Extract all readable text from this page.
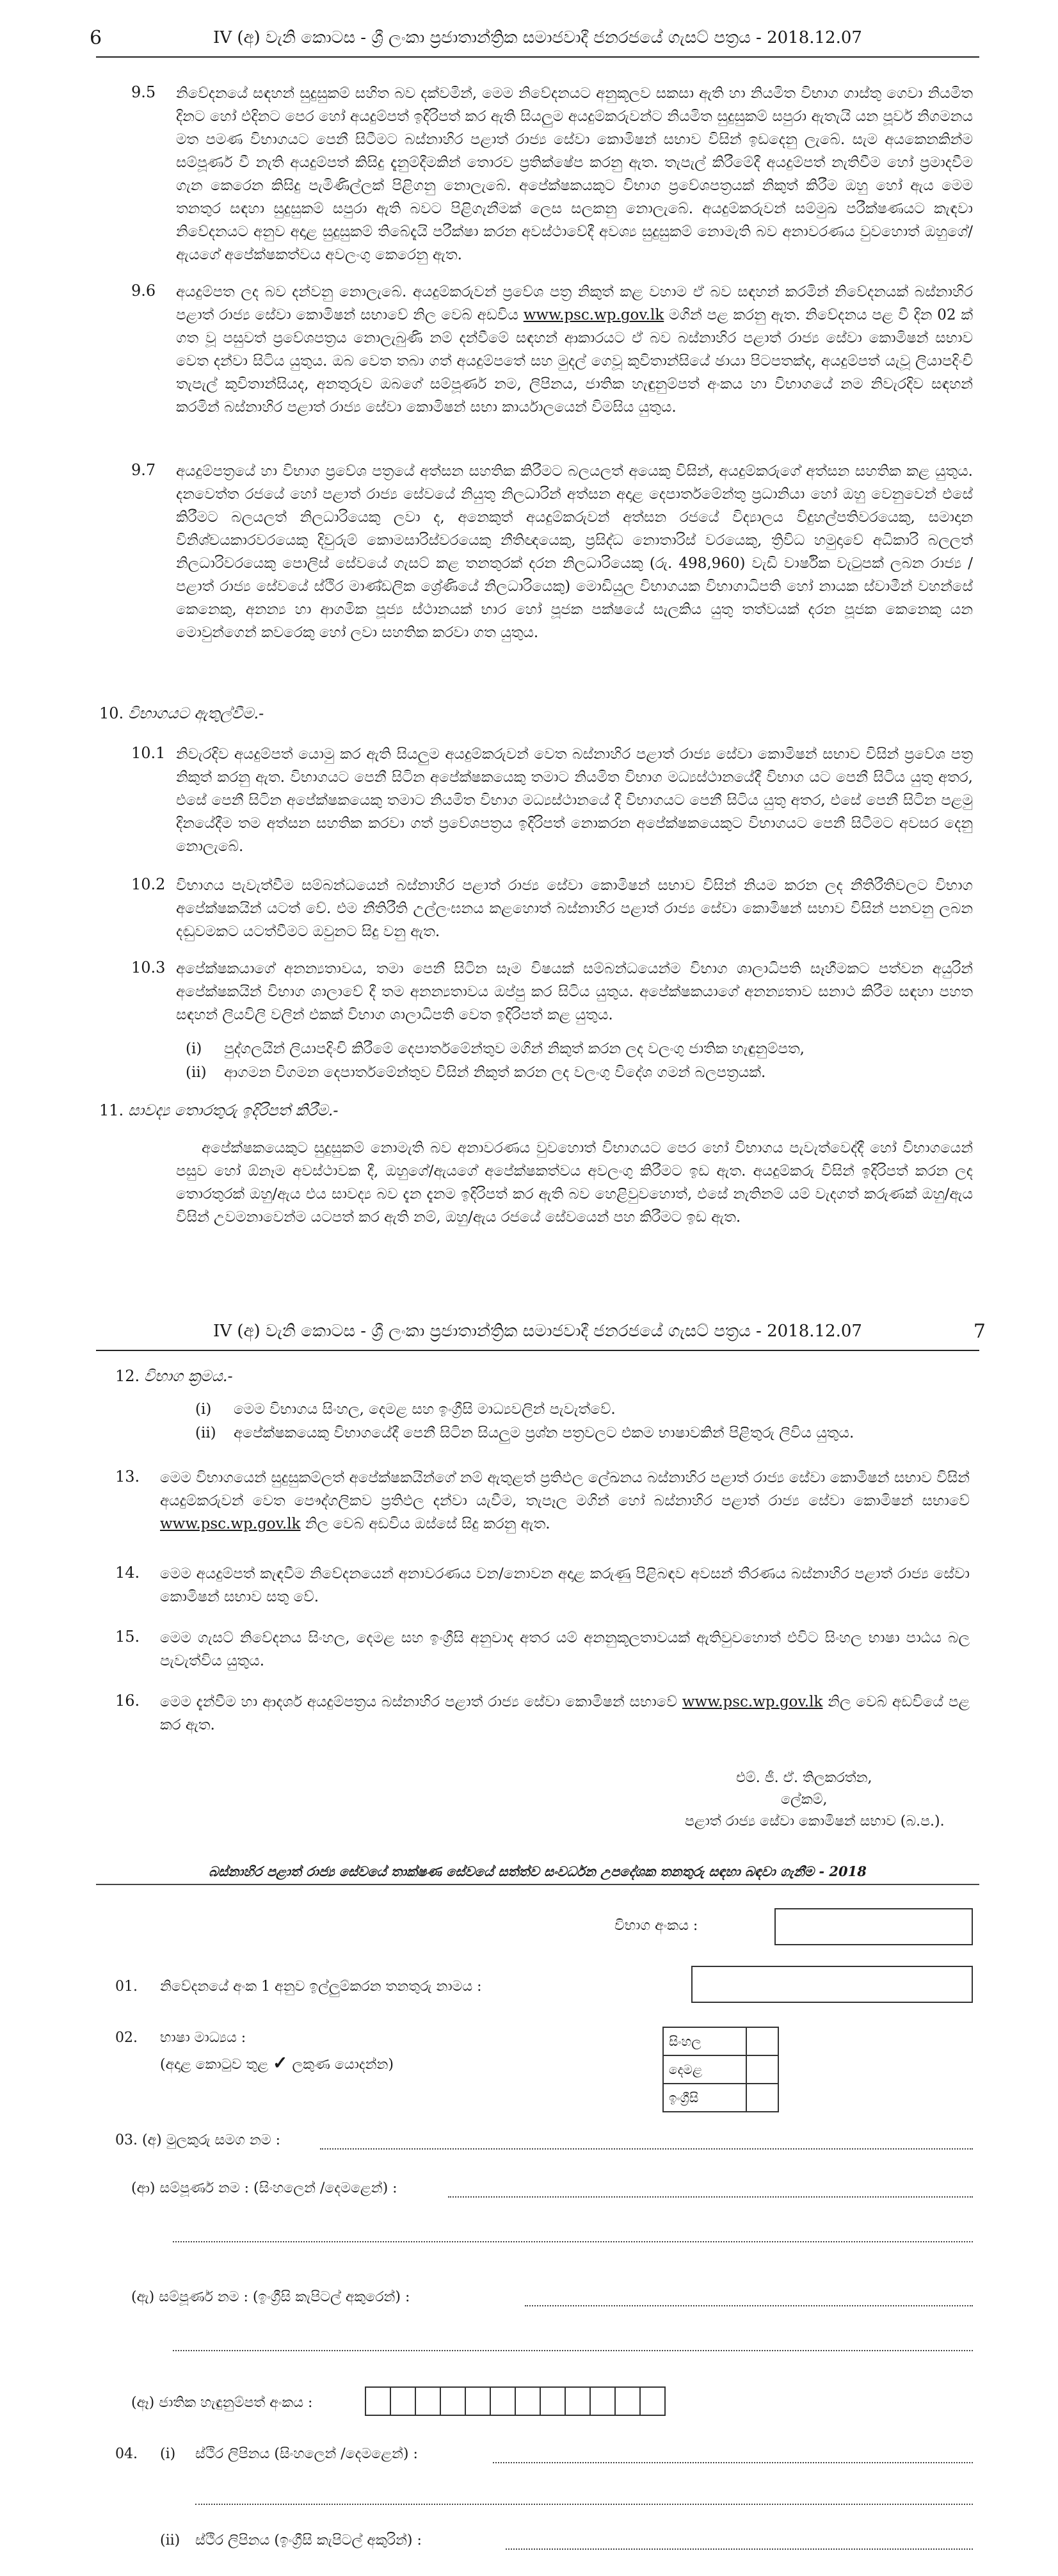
6	IV (අ) වැනි කොටස - ශ්‍රී ලංකා ප්‍රජාතාන්ත්‍රික සමාජවාදී ජනරජයේ ගැසට් පත්‍රය - 2018.12.07
9.5 නිවේදනයේ සඳහන් සුදුසුකම් සහිත බව දක්වමින්, මෙම නිවේදනයට අනුකූලව සකසා ඇති හා නියමිත විභාග ගාස්තු ගෙවා නියමිත දිනට හෝ එදිනට පෙර හෝ අයදුම්පත් ඉදිරිපත් කර ඇති සියලුම අයදුම්කරුවන්ට නියමිත සුදුසුකම් සපුරා ඇතැයි යන පූර්ව නිගමනය මත පමණ විභාගයට පෙනී සිටීමට බස්නාහිර පළාත් රාජ්‍ය සේවා කොමිෂන් සභාව විසින් ඉඩදෙනු ලැබේ. සැම අයකෙනකින්ම සම්පූර්ණ වී නැති අයදුම්පත් කිසිදු දැනුම්දීමකින් තොරව ප්‍රතික්ෂේප කරනු ඇත. තැපැල් කිරීමේදී අයදුම්පත් නැතිවීම හෝ ප්‍රමාදවීම ගැන කෙරෙන කිසිදු පැමිණිල්ලක් පිළිගනු නොලැබේ. අපේක්ෂකයකුට විභාග ප්‍රවේශපත්‍රයක් නිකුත් කිරීම ඔහු හෝ ඇය මෙම තනතුර සඳහා සුදුසුකම් සපුරා ඇති බවට පිළිගැනීමක් ලෙස සලකනු නොලැබේ. අයදුම්කරුවන් සම්මුඛ පරීක්ෂණයට කැඳවා නිවේදනයට අනුව අදාළ සුදුසුකම් තිබේදැයි පරීක්ෂා කරන අවස්ථාවේදී අවශ්‍ය සුදුසුකම් නොමැති බව අනාවරණය වුවහොත් ඔහුගේ/ඇයගේ අපේක්ෂකත්වය අවලංගු කෙරෙනු ඇත.

9.6 අයදුම්පත ලද බව දන්වනු නොලැබේ. අයදුම්කරුවන් ප්‍රවේශ පත්‍ර නිකුත් කළ වහාම ඒ බව සඳහන් කරමින් නිවේදනයක් බස්නාහිර පළාත් රාජ්‍ය සේවා කොමිෂන් සභාවේ නිල වෙබ් අඩවිය www.psc.wp.gov.lk මගින් පළ කරනු ඇත. නිවේදනය පළ වී දින 02 ක් ගත වූ පසුවත් ප්‍රවේශපත්‍රය නොලැබුණි නම් දන්වීමේ සඳහන් ආකාරයට ඒ බව බස්නාහිර පළාත් රාජ්‍ය සේවා කොමිෂන් සභාව වෙත දන්වා සිටිය යුතුය. ඔබ වෙත තබා ගත් අයදුම්පතේ සහ මුදල් ගෙවූ කුවිතාන්සියේ ඡායා පිටපතක්ද, අයදුම්පත් යැවූ ලියාපදිංචි තැපැල් කුවිතාන්සියද, අනතුරුව ඔබගේ සම්පූර්ණ නම, ලිපිනය, ජාතික හැඳුනුම්පත් අංකය හා විභාගයේ නම නිවැරදිව සඳහන් කරමින් බස්නාහිර පළාත් රාජ්‍ය සේවා කොමිෂන් සභා කාර්යාලයෙන් විමසිය යුතුය.

9.7 අයදුම්පත්‍රයේ හා විභාග ප්‍රවේශ පත්‍රයේ අත්සන සහතික කිරීමට බලයලත් අයෙකු විසින්, අයදුම්කරුගේ අත්සන සහතික කළ යුතුය. දනවෙත්ත රජයේ හෝ පළාත් රාජ්‍ය සේවයේ නියුතු නිලධාරින් අත්සන අදාළ දෙපාර්තමේන්තු ප්‍රධානියා හෝ ඔහු වෙනුවෙන් එසේ කිරීමට බලයලත් නිලධාරියෙකු ලවා ද, අනෙකුත් අයදුම්කරුවන් අත්සන රජයේ විද්‍යාලය විදුහල්පතිවරයෙකු, සමාදාන විනිශ්චයකාරවරයෙකු දිවුරුම් කොමසාරිස්වරයෙකු නීතිඥයෙකු, ප්‍රසිද්ධ නොතාරිස් වරයෙකු, ත්‍රිවිධ හමුදාවේ අධිකාරි බලලත් නිලධාරිවරයෙකු පොලිස් සේවයේ ගැසට් කළ තනතුරක් දරන නිලධාරියෙකු (රු. 498,960) වැඩි වාර්ෂික වැටුපක් ලබන රාජ්‍ය /පළාත් රාජ්‍ය සේවයේ ස්ථිර මාණ්ඩලික ශ්‍රේණියේ නිලධාරියෙකු) මොඩියුල විභාගයක විභාගාධිපති හෝ නායක ස්වාමීන් වහන්සේ කෙනෙකු, අනන්‍ය හා ආගමික පූජ්‍ය ස්ථානයක් භාර හෝ පූජක පක්ෂයේ සැලකිය යුතු තත්වයක් දරන පූජක කෙනෙකු යන මොවුන්ගෙන් කවරෙකු හෝ ලවා සහතික කරවා ගත යුතුය.

10. විභාගයට ඇතුල්වීම.-
10.1 නිවැරදිව අයදුම්පත් යොමු කර ඇති සියලුම අයදුම්කරුවන් වෙත බස්නාහිර පළාත් රාජ්‍ය සේවා කොමිෂන් සභාව විසින් ප්‍රවේශ පත්‍ර නිකුත් කරනු ඇත. විභාගයට පෙනී සිටින අපේක්ෂකයෙකු තමාට නියමිත විභාග මධ්‍යස්ථානයේදී විභාග යට පෙනී සිටිය යුතු අතර, එසේ පෙනී සිටින අපේක්ෂකයෙකු තමාට නියමිත විභාග මධ්‍යස්ථානයේ දී විභාගයට පෙනී සිටිය යුතු අතර, එසේ පෙනී සිටින පළමු දිනයේදීම තම අත්සන සහතික කරවා ගත් ප්‍රවේශපත්‍රය ඉදිරිපත් නොකරන අපේක්ෂකයෙකුට විභාගයට පෙනී සිටීමට අවසර දෙනු නොලැබේ.

10.2 විභාගය පැවැත්වීම සම්බන්ධයෙන් බස්නාහිර පළාත් රාජ්‍ය සේවා කොමිෂන් සභාව විසින් නියම කරන ලද නීතිරීතිවලට විභාග අපේක්ෂකයින් යටත් වේ. එම නීතිරීති උල්ලංඝනය කළහොත් බස්නාහිර පළාත් රාජ්‍ය සේවා කොමිෂන් සභාව විසින් පනවනු ලබන දඬුවමකට යටත්වීමට ඔවුනට සිදු වනු ඇත.

10.3 අපේක්ෂකයාගේ අනන්‍යතාවය, තමා පෙනී සිටින සෑම විෂයක් සම්බන්ධයෙන්ම විභාග ශාලාධිපති සෑහීමකට පත්වන අයුරින් අපේක්ෂකයින් විභාග ශාලාවේ දී තම අනන්‍යතාවය ඔප්පු කර සිටිය යුතුය. අපේක්ෂකයාගේ අනන්‍යතාව සනාථ කිරීම සඳහා පහත සඳහන් ලියවිලි වලින් එකක් විභාග ශාලාධිපති වෙත ඉදිරිපත් කළ යුතුය.

(i) පුද්ගලයින් ලියාපදිංචි කිරීමේ දෙපාර්තමේන්තුව මගින් නිකුත් කරන ලද වලංගු ජාතික හැඳුනුම්පත,
(ii) ආගමන විගමන දෙපාර්තමේන්තුව විසින් නිකුත් කරන ලද වලංගු විදේශ ගමන් බලපත්‍රයක්.
11. සාවද්‍ය තොරතුරු ඉදිරිපත් කිරීම.-

අපේක්ෂකයෙකුට සුදුසුකම් නොමැති බව අනාවරණය වුවහොත් විභාගයට පෙර හෝ විභාගය පැවැත්වෙද්දී හෝ විභාගයෙන් පසුව හෝ ඕනෑම අවස්ථාවක දී, ඔහුගේ/ඇයගේ අපේක්ෂකත්වය අවලංගු කිරීමට ඉඩ ඇත. අයදුම්කරු විසින් ඉදිරිපත් කරන ලද තොරතුරක් ඔහු/ඇය එය සාවද්‍ය බව දැන දැනම ඉදිරිපත් කර ඇති බව හෙළිවුවහොත්, එසේ නැතිනම් යම් වැදගත් කරුණක් ඔහු/ඇය විසින් උවමනාවෙන්ම යටපත් කර ඇති නම්, ඔහු/ඇය රජයේ සේවයෙන් පහ කිරීමට ඉඩ ඇත.

IV (අ) වැනි කොටස - ශ්‍රී ලංකා ප්‍රජාතාන්ත්‍රික සමාජවාදී ජනරජයේ ගැසට් පත්‍රය - 2018.12.07	7
12. විභාග ක්‍රමය.-
(i) මෙම විභාගය සිංහල, දෙමළ සහ ඉංග්‍රීසි මාධ්‍යවලින් පැවැත්වේ.
(ii) අපේක්ෂකයෙකු විභාගයේදී පෙනී සිටින සියලුම ප්‍රශ්න පත්‍රවලට එකම භාෂාවකින් පිළිතුරු ලිවිය යුතුය.
13. මෙම විභාගයෙන් සුදුසුකම්ලත් අපේක්ෂකයින්ගේ නම් ඇතුළත් ප්‍රතිඵල ලේඛනය බස්නාහිර පළාත් රාජ්‍ය සේවා කොමිෂන් සභාව විසින් අයදුම්කරුවන් වෙත පෞද්ගලිකව ප්‍රතිඵල දන්වා යැවීම, තැපෑල මගින් හෝ බස්නාහිර පළාත් රාජ්‍ය සේවා කොමිෂන් සභාවේ www.psc.wp.gov.lk නිල වෙබ් අඩවිය ඔස්සේ සිදු කරනු ඇත.

14. මෙම අයදුම්පත් කැඳවීම නිවේදනයෙන් අනාවරණය වන/නොවන අදාළ කරුණු පිළිබඳව අවසන් තීරණය බස්නාහිර පළාත් රාජ්‍ය සේවා කොමිෂන් සභාව සතු වේ.

15. මෙම ගැසට් නිවේදනය සිංහල, දෙමළ සහ ඉංග්‍රීසි අනුවාද අතර යම් අනනුකූලතාවයක් ඇතිවුවහොත් එවිට සිංහල භාෂා පාඨය බල පැවැත්විය යුතුය.

16. මෙම දැන්වීම හා ආදර්ශ අයදුම්පත්‍රය බස්නාහිර පළාත් රාජ්‍ය සේවා කොමිෂන් සභාවේ www.psc.wp.gov.lk නිල වෙබ් අඩවියේ පළ කර ඇත.

එම්. ජී. ඒ. තිලකරත්න,
ලේකම්,
පළාත් රාජ්‍ය සේවා කොමිෂන් සභාව (බ.ප.).
බස්නාහිර පළාත් රාජ්‍ය සේවයේ තාක්ෂණ සේවයේ සත්ත්ව සංවර්ධන උපදේශක තනතුරු සඳහා බඳවා ගැනීම - 2018
විභාග අංකය :
01. නිවේදනයේ අංක 1 අනුව ඉල්ලුම්කරන තනතුරු නාමය :
02. භාෂා මාධ්‍යය :
(අදාළ කොටුව තුළ ✓ ලකුණ යොදන්න)
සිංහල	
දෙමළ	
ඉංග්‍රීසි	
03. (අ) මුලකුරු සමග නම :
(ආ) සම්පූර්ණ නම : (සිංහලෙන් /දෙමළෙන්) :
(ඇ) සම්පූර්ණ නම : (ඉංග්‍රීසි කැපිටල් අකුරෙන්) :
(ඈ) ජාතික හැඳුනුම්පත් අංකය :
04. (i) ස්ථිර ලිපිනය (සිංහලෙන් /දෙමළෙන්) :
(ii) ස්ථිර ලිපිනය (ඉංග්‍රීසි කැපිටල් අකුරින්) :
